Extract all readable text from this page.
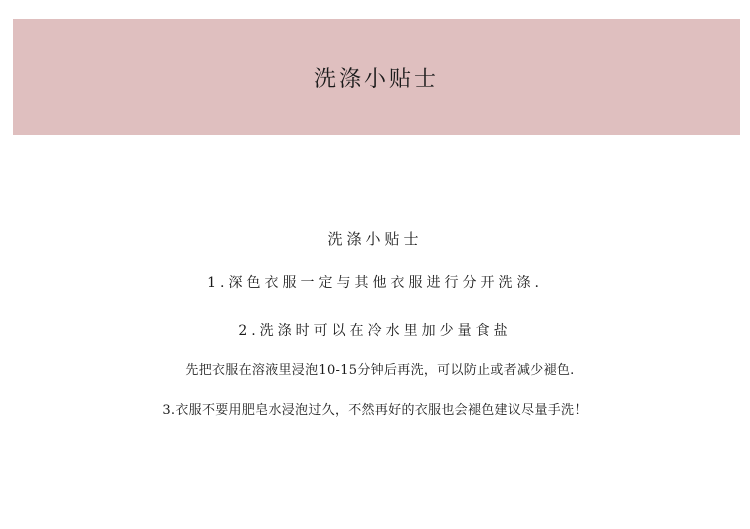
洗涤小贴士
洗涤小贴士
1.深色衣服一定与其他衣服进行分开洗涤.
2.洗涤时可以在冷水里加少量食盐
先把衣服在溶液里浸泡10-15分钟后再洗，可以防止或者减少褪色.
3.衣服不要用肥皂水浸泡过久，不然再好的衣服也会褪色建议尽量手洗！
